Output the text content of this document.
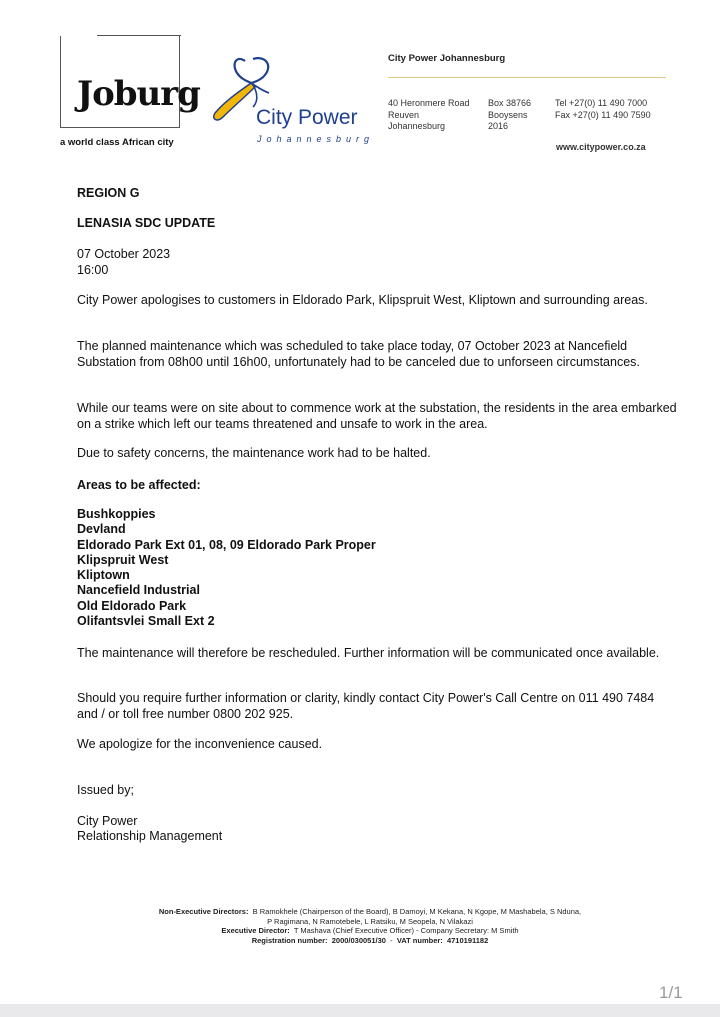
Joburg
a world class African city
City Power
Johannesburg
City Power Johannesburg
40 Heronmere Road
Reuven
Johannesburg
Box 38766
Booysens
2016
Tel +27(0) 11 490 7000
Fax +27(0) 11 490 7590
www.citypower.co.za
REGION G
LENASIA SDC UPDATE
07 October 2023
16:00
City Power apologises to customers in Eldorado Park, Klipspruit West, Kliptown and surrounding areas.
The planned maintenance which was scheduled to take place today, 07 October 2023 at Nancefield Substation from 08h00 until 16h00, unfortunately had to be canceled due to unforseen circumstances.
While our teams were on site about to commence work at the substation, the residents in the area embarked on a strike which left our teams threatened and unsafe to work in the area.
Due to safety concerns, the maintenance work had to be halted.
Areas to be affected:
Bushkoppies
Devland
Eldorado Park Ext 01, 08, 09 Eldorado Park Proper
Klipspruit West
Kliptown
Nancefield Industrial
Old Eldorado Park
Olifantsvlei Small Ext 2
The maintenance will therefore be rescheduled. Further information will be communicated once available.
Should you require further information or clarity, kindly contact City Power's Call Centre on 011 490 7484 and / or toll free number 0800 202 925.
We apologize for the inconvenience caused.
Issued by;
City Power
Relationship Management
Non-Executive Directors: B Ramokhele (Chairperson of the Board), B Damoyi, M Kekana, N Kgope, M Mashabela, S Nduna,
P Ragimana, N Ramotebele, L Ratsiku, M Seopela, N Vilakazi
Executive Director: T Mashava (Chief Executive Officer) - Company Secretary: M Smith
Registration number: 2000/030051/30  -  VAT number: 4710191182
1/1
